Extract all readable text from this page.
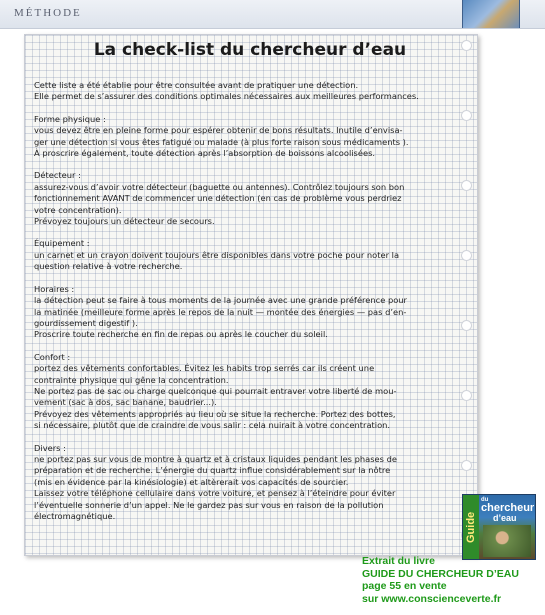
MÉTHODE
La check-list du chercheur d’eau

Cette liste a été établie pour être consultée avant de pratiquer une détection.

Elle permet de s’assurer des conditions optimales nécessaires aux meilleures performances.

Forme physique :

vous devez être en pleine forme pour espérer obtenir de bons résultats. Inutile d’envisa-

ger une détection si vous êtes fatigué ou malade (à plus forte raison sous médicaments ).

À proscrire également, toute détection après l’absorption de boissons alcoolisées.

Détecteur :

assurez-vous d’avoir votre détecteur (baguette ou antennes). Contrôlez toujours son bon

fonctionnement AVANT de commencer une détection (en cas de problème vous perdriez

votre concentration).

Prévoyez toujours un détecteur de secours.

Équipement :

un carnet et un crayon doivent toujours être disponibles dans votre poche pour noter la

question relative à votre recherche.

Horaires :

la détection peut se faire à tous moments de la journée avec une grande préférence pour

la matinée (meilleure forme après le repos de la nuit — montée des énergies — pas d’en-

gourdissement digestif ).

Proscrire toute recherche en fin de repas ou après le coucher du soleil.

Confort :

portez des vêtements confortables. Évitez les habits trop serrés car ils créent une

contrainte physique qui gêne la concentration.

Ne portez pas de sac ou charge quelconque qui pourrait entraver votre liberté de mou-

vement (sac à dos, sac banane, baudrier...).

Prévoyez des vêtements appropriés au lieu où se situe la recherche. Portez des bottes,

si nécessaire, plutôt que de craindre de vous salir : cela nuirait à votre concentration.

Divers :

ne portez pas sur vous de montre à quartz et à cristaux liquides pendant les phases de

préparation et de recherche. L’énergie du quartz influe considérablement sur la nôtre

(mis en évidence par la kinésiologie) et altèrerait vos capacités de sourcier.

Laissez votre téléphone cellulaire dans votre voiture, et pensez à l’éteindre pour éviter

l’éventuelle sonnerie d’un appel. Ne le gardez pas sur vous en raison de la pollution

électromagnétique.	Guide
du
chercheur
d’eau
Extrait du livre
GUIDE DU CHERCHEUR D’EAU
page 55 en vente
sur www.conscienceverte.fr
